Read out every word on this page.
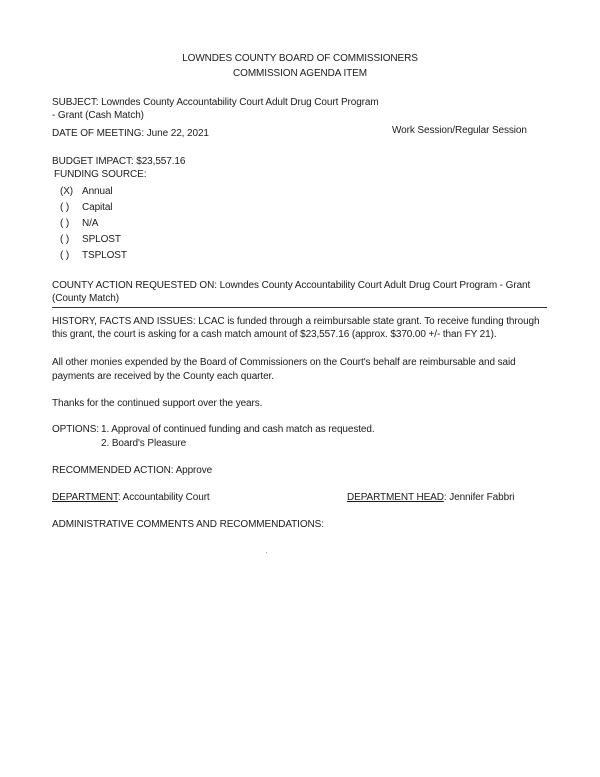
LOWNDES COUNTY BOARD OF COMMISSIONERS
COMMISSION AGENDA ITEM
SUBJECT: Lowndes County Accountability Court Adult Drug Court Program
- Grant (Cash Match)
DATE OF MEETING: June 22, 2021	Work Session/Regular Session
BUDGET IMPACT: $23,557.16
FUNDING SOURCE:
(X) Annual
( ) Capital
( ) N/A
( ) SPLOST
( ) TSPLOST
COUNTY ACTION REQUESTED ON: Lowndes County Accountability Court Adult Drug Court Program - Grant
(County Match)
HISTORY, FACTS AND ISSUES: LCAC is funded through a reimbursable state grant. To receive funding through
this grant, the court is asking for a cash match amount of $23,557.16 (approx. $370.00 +/- than FY 21).
All other monies expended by the Board of Commissioners on the Court's behalf are reimbursable and said
payments are received by the County each quarter.
Thanks for the continued support over the years.
OPTIONS: 1. Approval of continued funding and cash match as requested.
2. Board's Pleasure
RECOMMENDED ACTION: Approve
DEPARTMENT: Accountability Court	DEPARTMENT HEAD: Jennifer Fabbri
ADMINISTRATIVE COMMENTS AND RECOMMENDATIONS:
